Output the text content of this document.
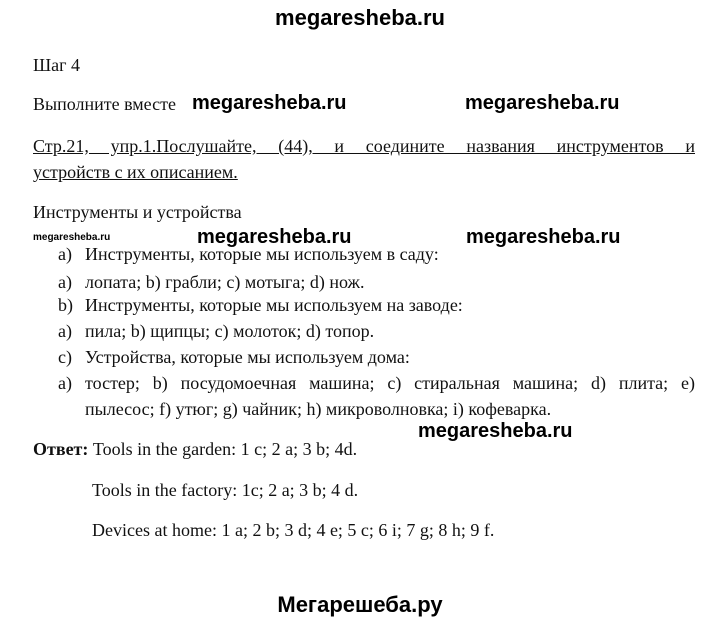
megaresheba.ru
megaresheba.ru	megaresheba.ru
megaresheba.ru	megaresheba.ru	megaresheba.ru
megaresheba.ru
Мегарешеба.ру
Шаг 4
Выполните вместе
Стр.21, упр.1.Послушайте, (44), и соедините названия инструментов и
устройств с их описанием.
Инструменты и устройства
a) Инструменты, которые мы используем в саду:
a) лопата; b) грабли; c) мотыга; d) нож.
b) Инструменты, которые мы используем на заводе:
a) пила; b) щипцы; c) молоток; d) топор.
c) Устройства, которые мы используем дома:
a) тостер; b) посудомоечная машина; c) стиральная машина; d) плита; e)
пылесос; f) утюг; g) чайник; h) микроволновка; i) кофеварка.
Ответ: Tools in the garden: 1 c; 2 a; 3 b; 4d.
Tools in the factory: 1c; 2 a; 3 b; 4 d.
Devices at home: 1 a; 2 b; 3 d; 4 e; 5 c; 6 i; 7 g; 8 h; 9 f.
